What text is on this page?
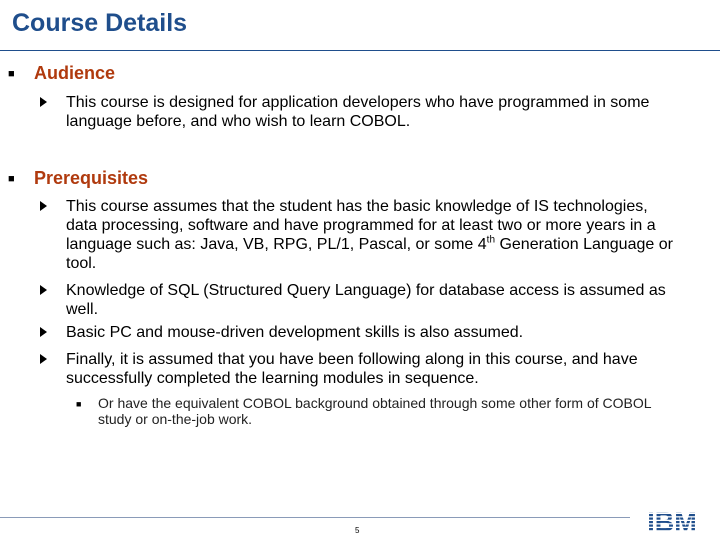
Course Details
■	Audience
This course is designed for application developers who have programmed in some language before, and who wish to learn COBOL.
■	Prerequisites
This course assumes that the student has the basic knowledge of IS technologies, data processing, software and have programmed for at least two or more years in a language such as: Java, VB, RPG, PL/1, Pascal, or some 4th Generation Language or tool.
Knowledge of SQL (Structured Query Language) for database access is assumed as well.
Basic PC and mouse-driven development skills is also assumed.
Finally, it is assumed that you have been following along in this course, and have successfully completed the learning modules in sequence.
■	Or have the equivalent COBOL background obtained through some other form of COBOL study or on-the-job work.
5
